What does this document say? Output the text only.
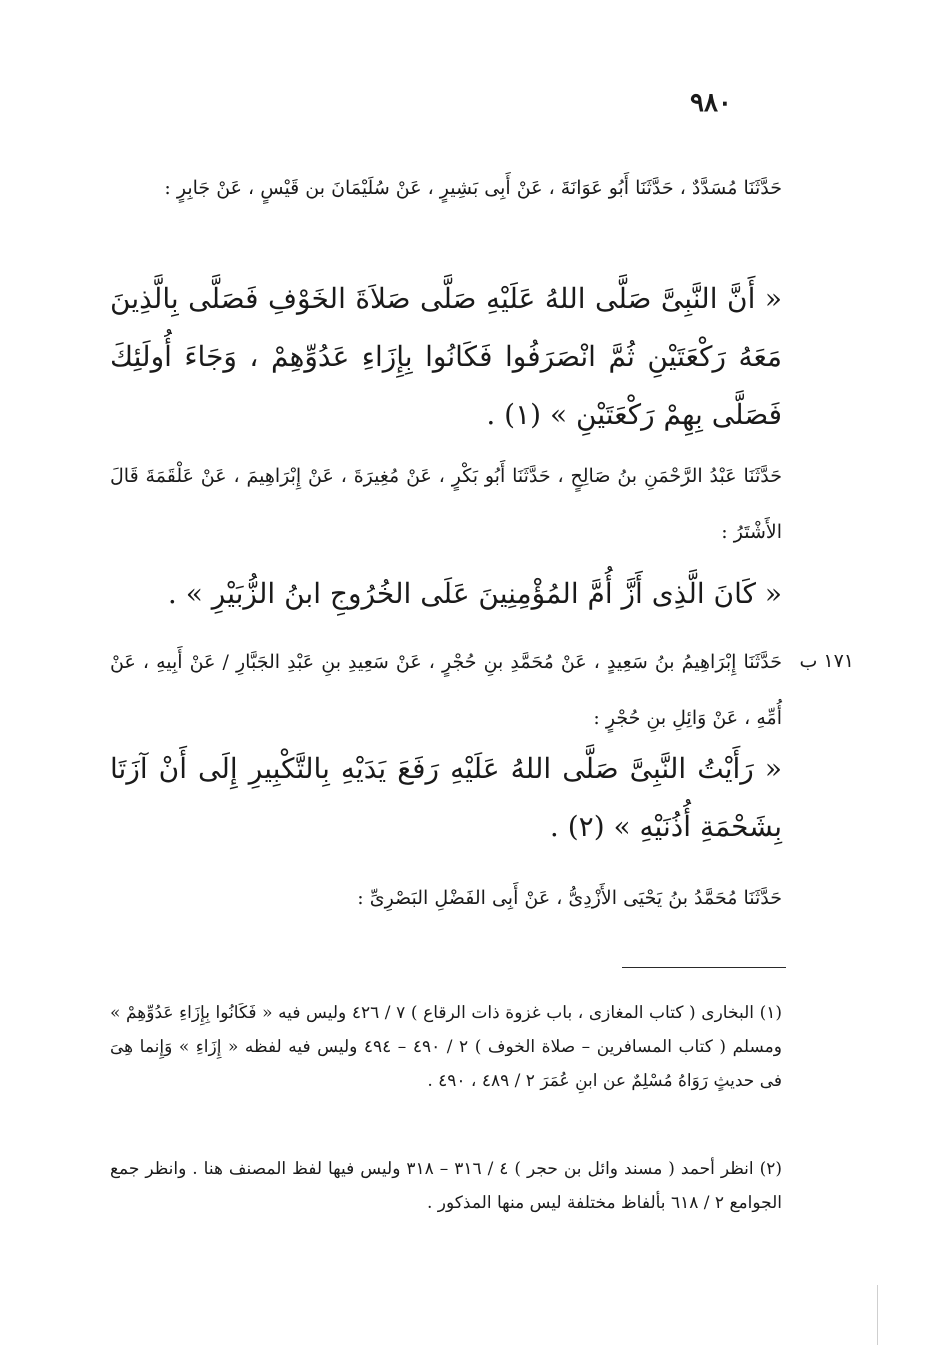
٩٨٠
حَدَّثَنَا مُسَدَّدٌ ، حَدَّثَنَا أَبُو عَوَانَةَ ، عَنْ أَبِى بَشِيرٍ ، عَنْ سُلَيْمَانَ بن قَيْسٍ ، عَنْ جَابِرٍ :
« أَنَّ النَّبِىَّ صَلَّى اللهُ عَلَيْهِ صَلَّى صَلاَةَ الخَوْفِ فَصَلَّى بِالَّذِينَ مَعَهُ رَكْعَتَيْنِ ثُمَّ انْصَرَفُوا فَكَانُوا بِإِزَاءِ عَدُوِّهِمْ ، وَجَاءَ أُولَئِكَ فَصَلَّى بِهِمْ رَكْعَتَيْنِ » (١) .
حَدَّثَنَا عَبْدُ الرَّحْمَنِ بنُ صَالِحٍ ، حَدَّثَنَا أَبُو بَكْرٍ ، عَنْ مُغِيرَةَ ، عَنْ إِبْرَاهِيمَ ، عَنْ عَلْقَمَةَ قَالَ الأَشْتَرُ :
« كَانَ الَّذِى أَزَّ أُمَّ المُؤْمِنِينَ عَلَى الخُرُوجِ ابنُ الزُّبَيْرِ » .
١٧١ ب
حَدَّثَنَا إِبْرَاهِيمُ بنُ سَعِيدٍ ، عَنْ مُحَمَّدِ بنِ حُجْرٍ ، عَنْ سَعِيدِ بنِ عَبْدِ الجَبَّارِ / عَنْ أَبِيهِ ، عَنْ أُمِّهِ ، عَنْ وَائِلِ بنِ حُجْرٍ :
« رَأَيْتُ النَّبِىَّ صَلَّى اللهُ عَلَيْهِ رَفَعَ يَدَيْهِ بِالتَّكْبِيرِ إِلَى أَنْ آزَتَا بِشَحْمَةِ أُذُنَيْهِ » (٢) .
حَدَّثَنَا مُحَمَّدُ بنُ يَحْيَى الأَزْدِىُّ ، عَنْ أَبِى الفَضْلِ البَصْرِىِّ :
(١) البخارى ( كتاب المغازى ، باب غزوة ذات الرقاع ) ٧ / ٤٢٦ وليس فيه « فَكَانُوا بِإِزَاءِ عَدُوِّهِمْ » ومسلم ( كتاب المسافرين – صلاة الخوف ) ٢ / ٤٩٠ – ٤٩٤ وليس فيه لفظه « إِزَاءِ » وَإِنما هِىَ فى حديثٍ رَوَاهُ مُسْلِمٌ عن ابنِ عُمَرَ ٢ / ٤٨٩ ، ٤٩٠ .
(٢) انظر أحمد ( مسند وائل بن حجر ) ٤ / ٣١٦ – ٣١٨ وليس فيها لفظ المصنف هنا . وانظر جمع الجوامع ٢ / ٦١٨ بألفاظ مختلفة ليس منها المذكور .
